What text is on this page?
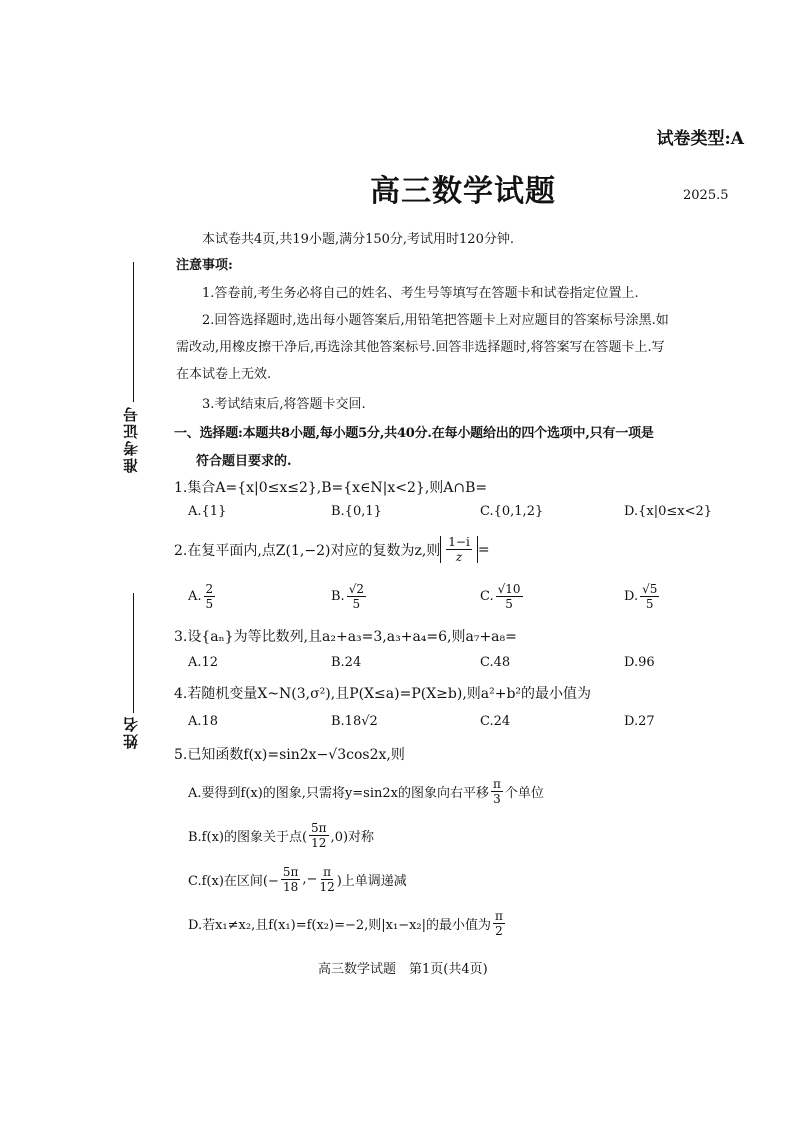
准考证号
姓名
试卷类型:A
高三数学试题	2025.5
本试卷共4页,共19小题,满分150分,考试用时120分钟.
注意事项:
1.答卷前,考生务必将自己的姓名、考生号等填写在答题卡和试卷指定位置上.
2.回答选择题时,选出每小题答案后,用铅笔把答题卡上对应题目的答案标号涂黑.如
需改动,用橡皮擦干净后,再选涂其他答案标号.回答非选择题时,将答案写在答题卡上.写
在本试卷上无效.
3.考试结束后,将答题卡交回.
一、选择题:本题共8小题,每小题5分,共40分.在每小题给出的四个选项中,只有一项是
符合题目要求的.
1.集合A={x|0≤x≤2},B={x∈N|x<2},则A∩B=
A.{1}	B.{0,1}	C.{0,1,2}	D.{x|0≤x<2}
2.在复平面内,点Z(1,−2)对应的复数为z,则 $\frac{1-i}{z}$ =
A. $\frac{2}{5}$	B. $\frac{√2}{5}$	C. $\frac{√10}{5}$	D. $\frac{√5}{5}$
3.设{aₙ}为等比数列,且a₂+a₃=3,a₃+a₄=6,则a₇+a₈=
A.12	B.24	C.48	D.96
4.若随机变量X~N(3,σ²),且P(X≤a)=P(X≥b),则a²+b²的最小值为
A.18	B.18√2	C.24	D.27
5.已知函数f(x)=sin2x−√3cos2x,则
A.要得到f(x)的图象,只需将y=sin2x的图象向右平移 $\frac{\pi}{3}$ 个单位
B.f(x)的图象关于点( $\frac{5\pi}{12} ,0$)对称
C.f(x)在区间(− $\frac{5\pi}{18}$ ,− $\frac{\pi}{12}$ )上单调递减
D.若x₁≠x₂,且f(x₁)=f(x₂)=−2,则|x₁−x₂|的最小值为 $\frac{\pi}{2}$
高三数学试题　第1页(共4页)
